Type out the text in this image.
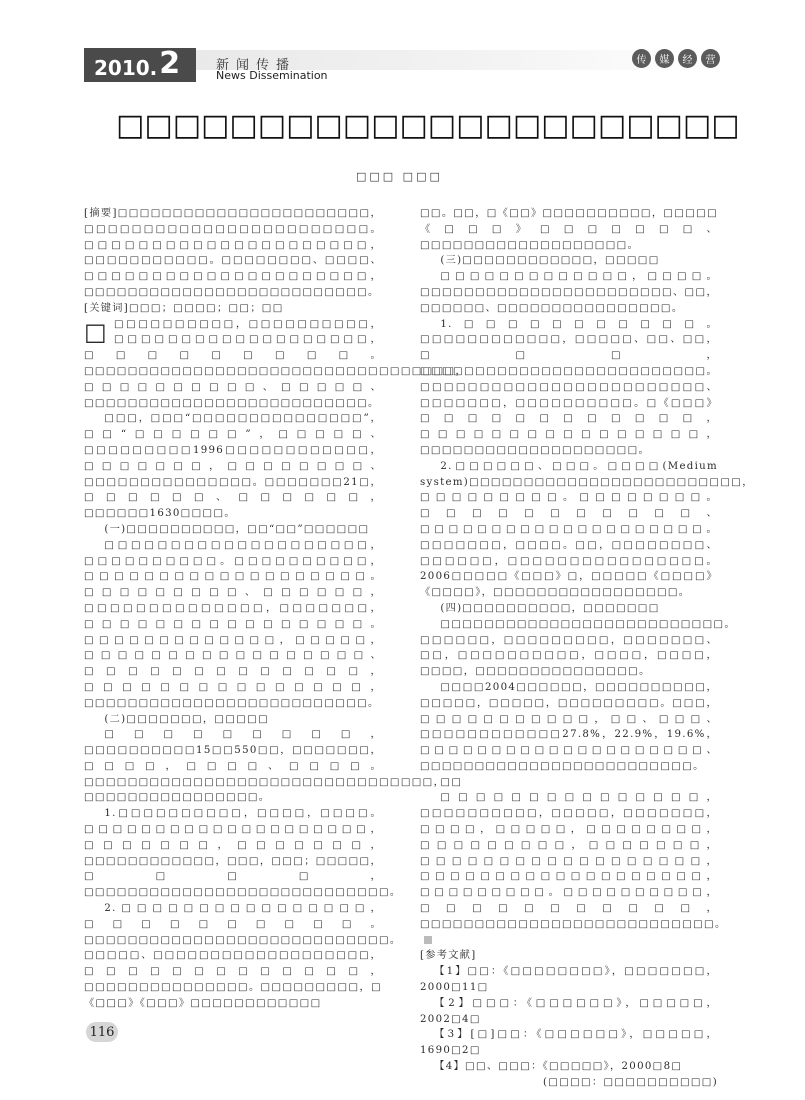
2010. 2	新闻传播
News Dissemination
传	媒	经	营
□□□□□□□□□□□□□□□□□□□□□□
□□□ □□□

[摘要]□□□□□□□□□□□□□□□□□□□□□□□，□□□□□□□□□□□□□□□□□□□□□□□□。□□□□□□□□□□□□□□□□□□□□□，□□□□□□□□□□□。□□□□□□□□、□□□□、□□□□□□□□□□□□□□□□□□□□□，□□□□□□□□□□□□□□□□□□□□□□□□□□。

[关键词]□□□；□□□□；□□；□□

□ □□□□□□□□□□，□□□□□□□□□□，□□□□□□□□□□□□□□□□□□□，□□□□□□□□□。□□□□□□□□□□□□□□□□□□□□□□□□□□□□□□□□□□，□□□□□□□□□□、□□□□□、□□□□□□□□□□□□□□□□□□□□□□□□□□。

□□□，□□□“□□□□□□□□□□□□□□□”，□□“□□□□□□”，□□□□□、□□□□□□□□□1996□□□□□□□□□□□□，□□□□□□□，□□□□□□□□、□□□□□□□□□□□□□□□。□□□□□□□21□，□□□□□□、□□□□□□，□□□□□□1630□□□□。

(一)□□□□□□□□□□，□□“□□”□□□□□□

□□□□□□□□□□□□□□□□□□□□，□□□□□□□□□□。□□□□□□□□□□，□□□□□□□□□□□□□□□□□□□。□□□□□□□□□、□□□□□□，□□□□□□□□□□□□□□，□□□□□□□，□□□□□□□□□□□□□□□□。□□□□□□□□□□□□□，□□□□□，□□□□□□□□□□□□□□□□□、□□□□□□□□□□□□□，□□□□□□□□□□□□□□□，□□□□□□□□□□□□□□□□□□□□□□□□□□。

(二)□□□□□□□，□□□□□

□□□□□□□□□，□□□□□□□□□□15□□550□□，□□□□□□□，□□□□，□□□□、□□□□。□□□□□□□□□□□□□□□□□□□□□□□□□□□□□□□□，□□□□□□□□□□□□□□□□。

1.□□□□□□□□□□，□□□□，□□□□。□□□□□□□□□□□□□□□□□□□□，□□□□□□□，□□□□□□□，□□□□□□□□□□□□，□□□，□□□；□□□□□，□□□□，□□□□□□□□□□□□□□□□□□□□□□□□□□□□。

2.□□□□□□□□□□□□□□□□，□□□□□□□□□□。□□□□□□□□□□□□□□□□□□□□□□□□□□□□。□□□□□、□□□□□□□□□□□□□□□□□□□，□□□□□□□□□□□□□，□□□□□□□□□□□□□□□。□□□□□□□□□，□《□□□》《□□□》□□□□□□□□□□□□

□□。□□，□《□□》□□□□□□□□□□，□□□□□《□□□》□□□□□□□、□□□□□□□□□□□□□□□□□□□。

(三)□□□□□□□□□□□□，□□□□□

□□□□□□□□□□□□□，□□□□。□□□□□□□□□□□□□□□□□□□□□□□、□□，□□□□□□、□□□□□□□□□□□□□□□□。

1.□□□□□□□□□□□。□□□□□□□□□□□□，□□□□□、□□、□□，□□□，□□□□□□□□□□□□□□□□□□□□□□□□□□。□□□□□□□□□□□□□□□□□□□□□□□□、□□□□□□□，□□□□□□□□□□。□《□□□》□□□□□□□□□□□□，□□□□□□□□□□□□□□□□，□□□□□□□□□□□□□□□□□□□□。

2.□□□□□□、□□□。□□□□(Medium system)□□□□□□□□□□□□□□□□□□□□□□□□□，□□□□□□□□□。□□□□□□□□。□□□□□□□□□□□、□□□□□□□□□□□□□□□□□□□□。□□□□□□□，□□□□。□□，□□□□□□□□、□□□□□□，□□□□□□□□□□□□□□□□。2006□□□□□《□□□》□，□□□□□《□□□□》《□□□□》，□□□□□□□□□□□□□□□□□。

(四)□□□□□□□□□□，□□□□□□□

□□□□□□□□□□□□□□□□□□□□□□□□□□。□□□□□□，□□□□□□□□□，□□□□□□□、□□，□□□□□□□□□□，□□□□，□□□□，□□□□，□□□□□□□□□□□□□□□。

□□□□2004□□□□□□，□□□□□□□□□□，□□□□□，□□□□□，□□□□□□□□□。□□□，□□□□□□□□□□□，□□、□□□、□□□□□□□□□□□□27.8%，22.9%，19.6%，□□□□□□□□□□□□□□□□□□□□、□□□□□□□□□□□□□□□□□□□□□□□□□。

□□

□□□□□□□□□□□□□□□，□□□□□□□□□□，□□□□□，□□□□□□□，□□□□，□□□□□，□□□□□□□□，□□□□□□□□□，□□□□□□□，□□□□□□□□□□□□□□□□□□，□□□□□□□□□□□□□□□□□□□，□□□□□□□□□。□□□□□□□□□□，□□□□□□□□□□□，□□□□□□□□□□□□□□□□□□□□□□□□□□□。

[参考文献]

【1】□□：《□□□□□□□□》，□□□□□□□，2000□11□

【2】□□□：《□□□□□□》，□□□□□，2002□4□

【3】[□]□□：《□□□□□□》，□□□□□，1690□2□

【4】□□、□□□：《□□□□□》，2000□8□

(□□□□：□□□□□□□□□□)

116
